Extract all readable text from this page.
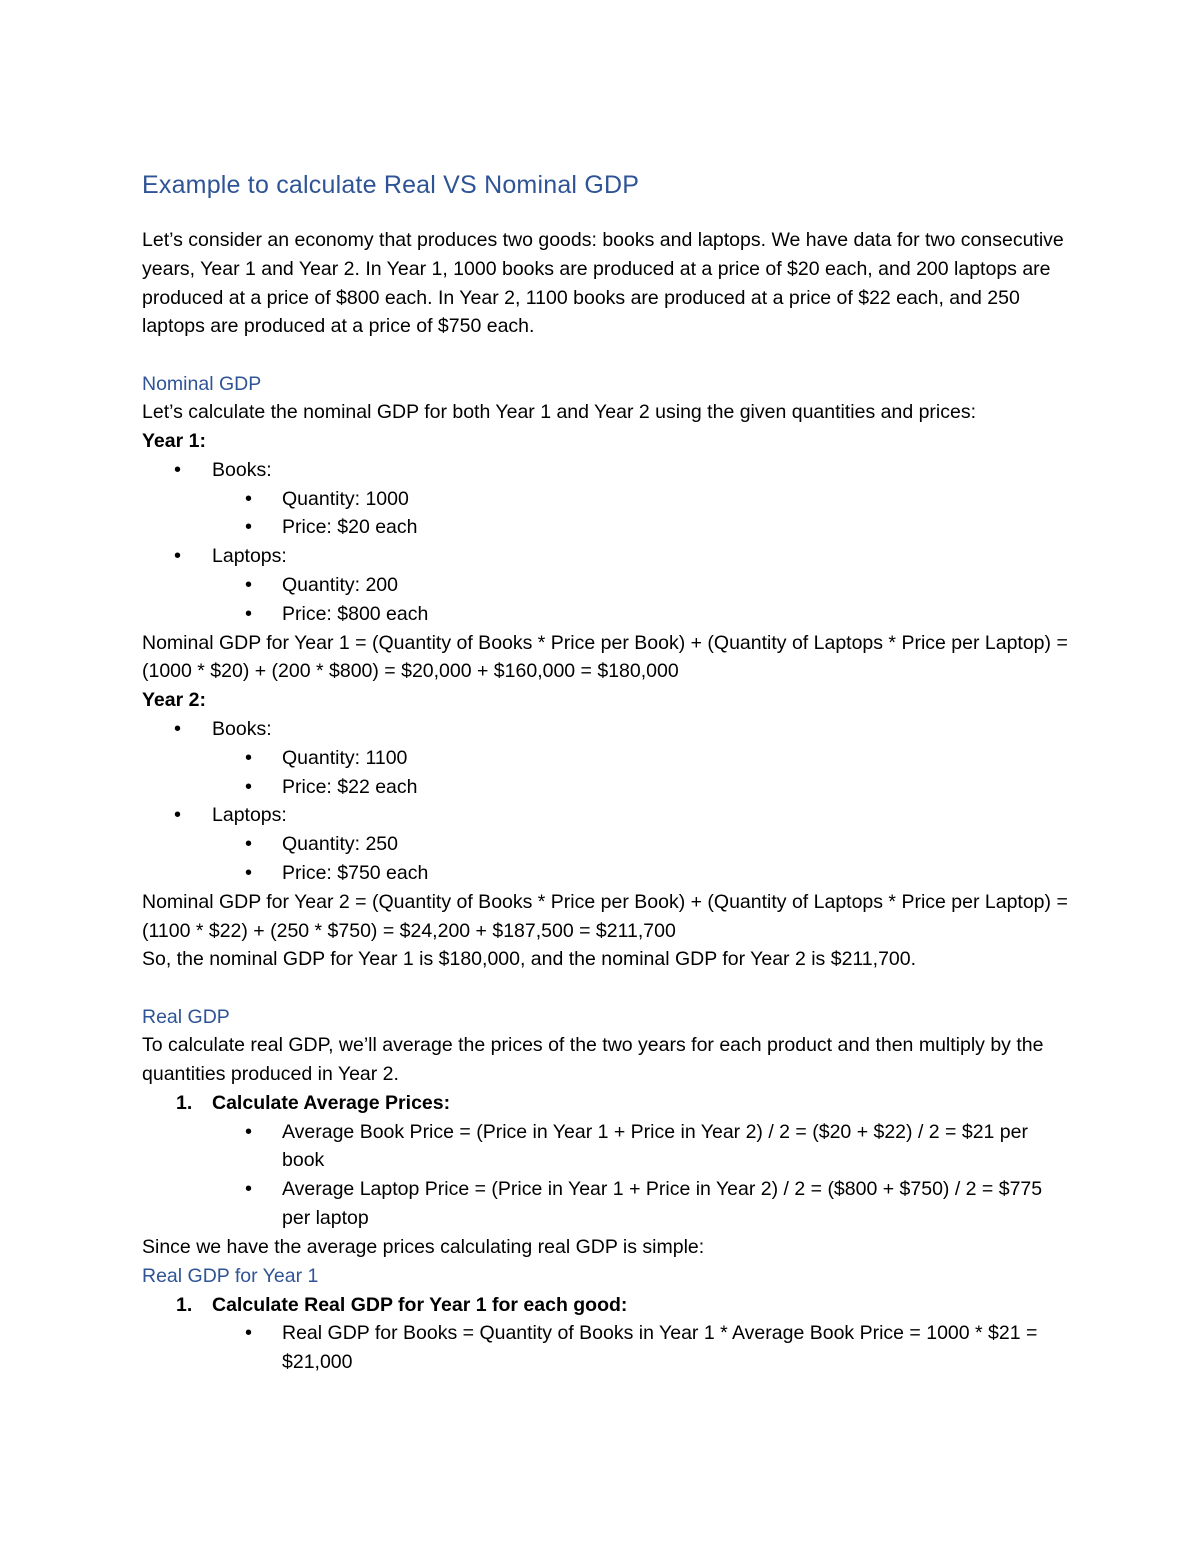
Example to calculate Real VS Nominal GDP

Let’s consider an economy that produces two goods: books and laptops. We have data for two consecutive years, Year 1 and Year 2. In Year 1, 1000 books are produced at a price of $20 each, and 200 laptops are produced at a price of $800 each. In Year 2, 1100 books are produced at a price of $22 each, and 250 laptops are produced at a price of $750 each.

Nominal GDP

Let’s calculate the nominal GDP for both Year 1 and Year 2 using the given quantities and prices:

Year 1:

• Books:
• Quantity: 1000
• Price: $20 each
• Laptops:
• Quantity: 200
• Price: $800 each

Nominal GDP for Year 1 = (Quantity of Books * Price per Book) + (Quantity of Laptops * Price per Laptop) = (1000 * $20) + (200 * $800) = $20,000 + $160,000 = $180,000

Year 2:

• Books:
• Quantity: 1100
• Price: $22 each
• Laptops:
• Quantity: 250
• Price: $750 each

Nominal GDP for Year 2 = (Quantity of Books * Price per Book) + (Quantity of Laptops * Price per Laptop) = (1100 * $22) + (250 * $750) = $24,200 + $187,500 = $211,700

So, the nominal GDP for Year 1 is $180,000, and the nominal GDP for Year 2 is $211,700.

Real GDP

To calculate real GDP, we’ll average the prices of the two years for each product and then multiply by the quantities produced in Year 2.

1. Calculate Average Prices:
• Average Book Price = (Price in Year 1 + Price in Year 2) / 2 = ($20 + $22) / 2 = $21 per book
• Average Laptop Price = (Price in Year 1 + Price in Year 2) / 2 = ($800 + $750) / 2 = $775 per laptop

Since we have the average prices calculating real GDP is simple:

Real GDP for Year 1
1. Calculate Real GDP for Year 1 for each good:
• Real GDP for Books = Quantity of Books in Year 1 * Average Book Price = 1000 * $21 = $21,000
